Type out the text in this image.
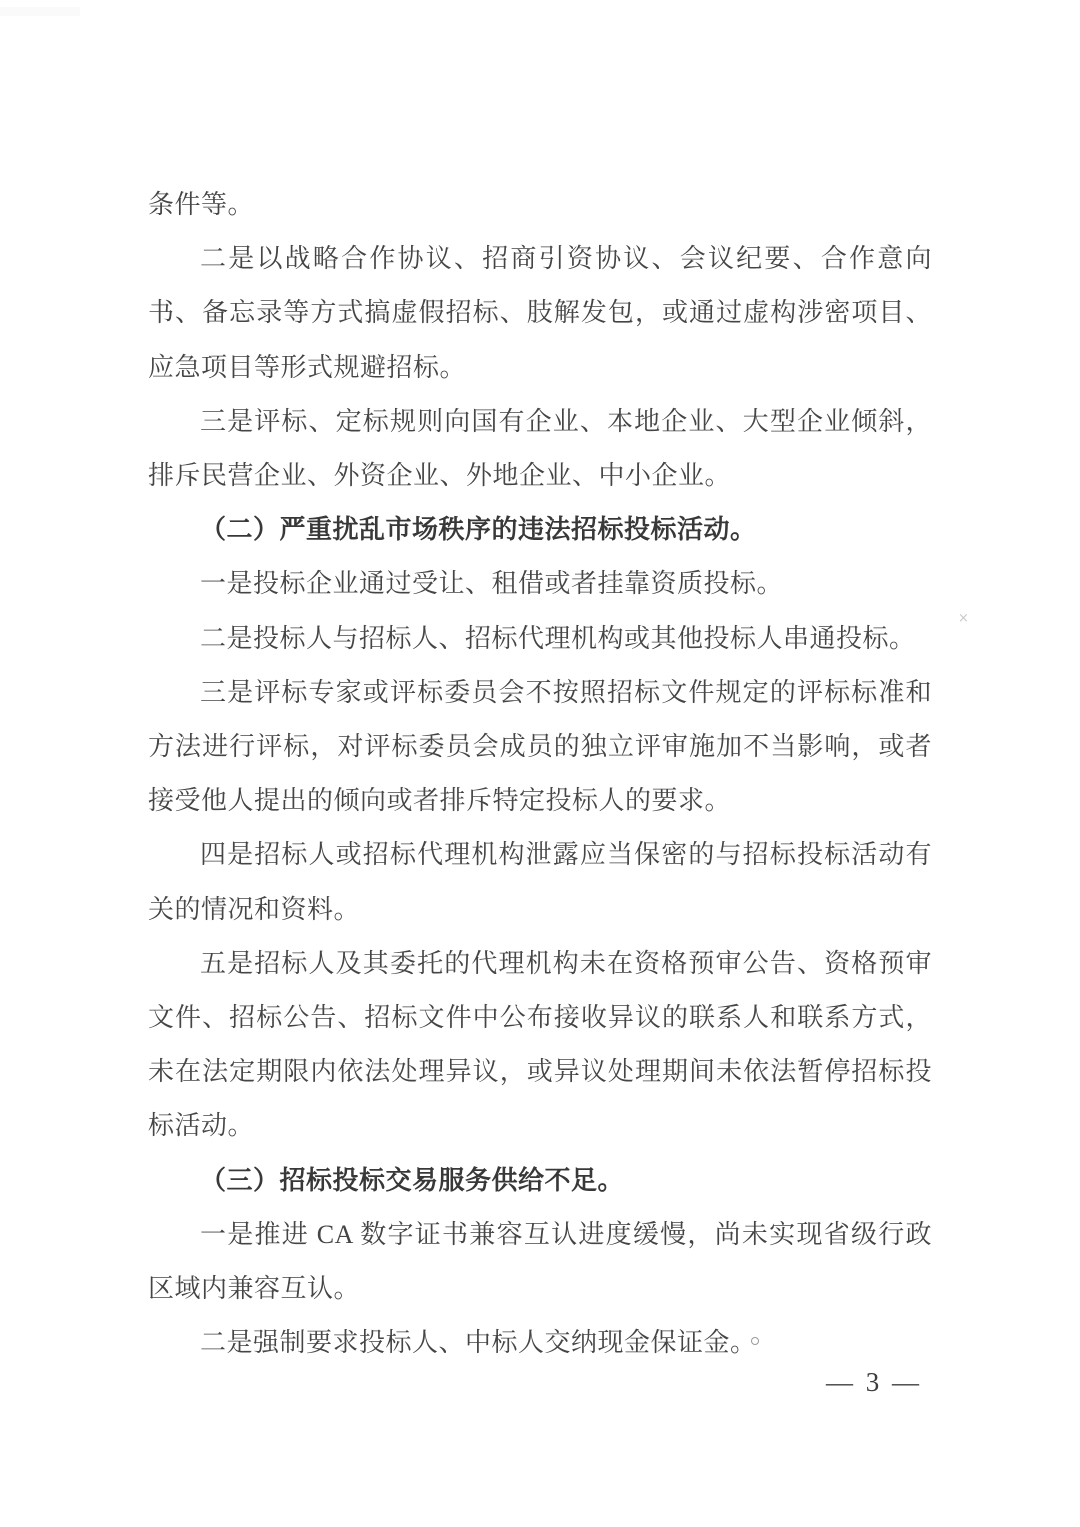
条件等。

二是以战略合作协议、招商引资协议、会议纪要、合作意向书、备忘录等方式搞虚假招标、肢解发包，或通过虚构涉密项目、应急项目等形式规避招标。

三是评标、定标规则向国有企业、本地企业、大型企业倾斜，排斥民营企业、外资企业、外地企业、中小企业。

（二）严重扰乱市场秩序的违法招标投标活动。

一是投标企业通过受让、租借或者挂靠资质投标。

二是投标人与招标人、招标代理机构或其他投标人串通投标。

三是评标专家或评标委员会不按照招标文件规定的评标标准和方法进行评标，对评标委员会成员的独立评审施加不当影响，或者接受他人提出的倾向或者排斥特定投标人的要求。

四是招标人或招标代理机构泄露应当保密的与招标投标活动有关的情况和资料。

五是招标人及其委托的代理机构未在资格预审公告、资格预审文件、招标公告、招标文件中公布接收异议的联系人和联系方式，未在法定期限内依法处理异议，或异议处理期间未依法暂停招标投标活动。

（三）招标投标交易服务供给不足。

一是推进 CA 数字证书兼容互认进度缓慢，尚未实现省级行政区域内兼容互认。

二是强制要求投标人、中标人交纳现金保证金。

×
— 3 —
